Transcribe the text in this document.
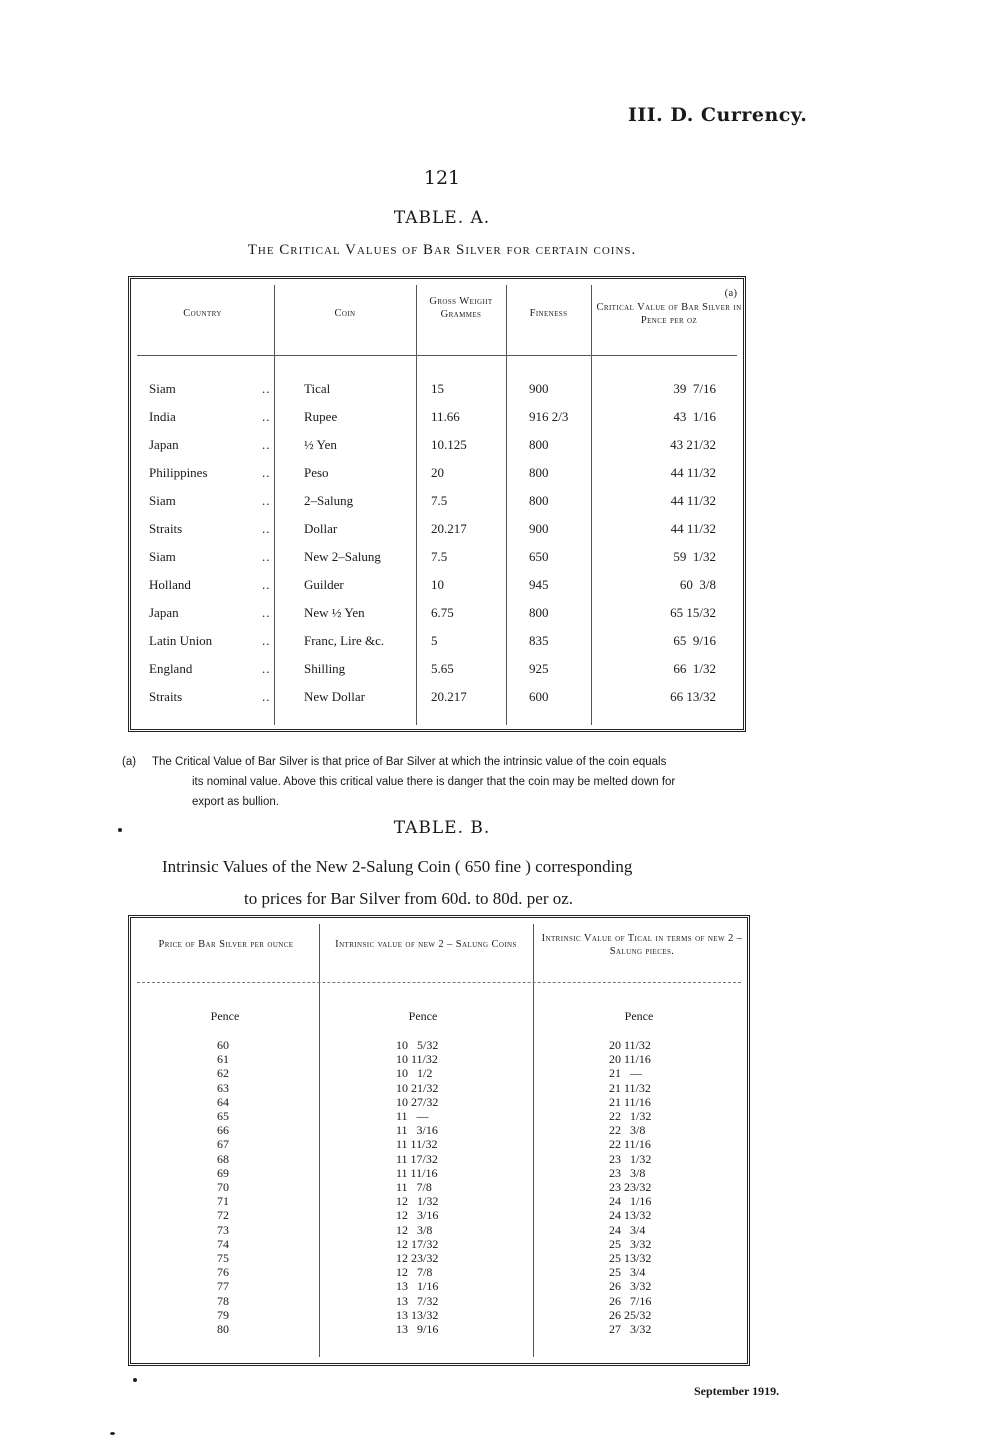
III. D. Currency.
121
TABLE. A.
The Critical Values of Bar Silver for certain coins.
Country	Coin
Gross Weight Grammes	Fineness
(a)
Critical Value of Bar Silver in Pence per oz
Siam	..	Tical	15	900	39  7/16
India	..	Rupee	11.66	916 2/3	43  1/16
Japan	..	½ Yen	10.125	800	43 21/32
Philippines	..	Peso	20	800	44 11/32
Siam	..	2–Salung	7.5	800	44 11/32
Straits	..	Dollar	20.217	900	44 11/32
Siam	..	New 2–Salung	7.5	650	59  1/32
Holland	..	Guilder	10	945	60  3/8
Japan	..	New ½ Yen	6.75	800	65 15/32
Latin Union	..	Franc, Lire &c.	5	835	65  9/16
England	..	Shilling	5.65	925	66  1/32
Straits	..	New Dollar	20.217	600	66 13/32
(a) The Critical Value of Bar Silver is that price of Bar Silver at which the intrinsic value of the coin equals
its nominal value. Above this critical value there is danger that the coin may be melted down for
export as bullion.
TABLE. B.
Intrinsic Values of the New 2-Salung Coin ( 650 fine ) corresponding
to prices for Bar Silver from 60d. to 80d. per oz.
Price of Bar Silver per ounce	Intrinsic value of new 2 – Salung Coins
Intrinsic Value of Tical in terms of new 2 – Salung pieces.
Pence	Pence	Pence
60	10   5/32	20 11/32
61	10 11/32	20 11/16
62	10   1/2	21   —
63	10 21/32	21 11/32
64	10 27/32	21 11/16
65	11   —	22   1/32
66	11   3/16	22   3/8
67	11 11/32	22 11/16
68	11 17/32	23   1/32
69	11 11/16	23   3/8
70	11   7/8	23 23/32
71	12   1/32	24   1/16
72	12   3/16	24 13/32
73	12   3/8	24   3/4
74	12 17/32	25   3/32
75	12 23/32	25 13/32
76	12   7/8	25   3/4
77	13   1/16	26   3/32
78	13   7/32	26   7/16
79	13 13/32	26 25/32
80	13   9/16	27   3/32
September 1919.
